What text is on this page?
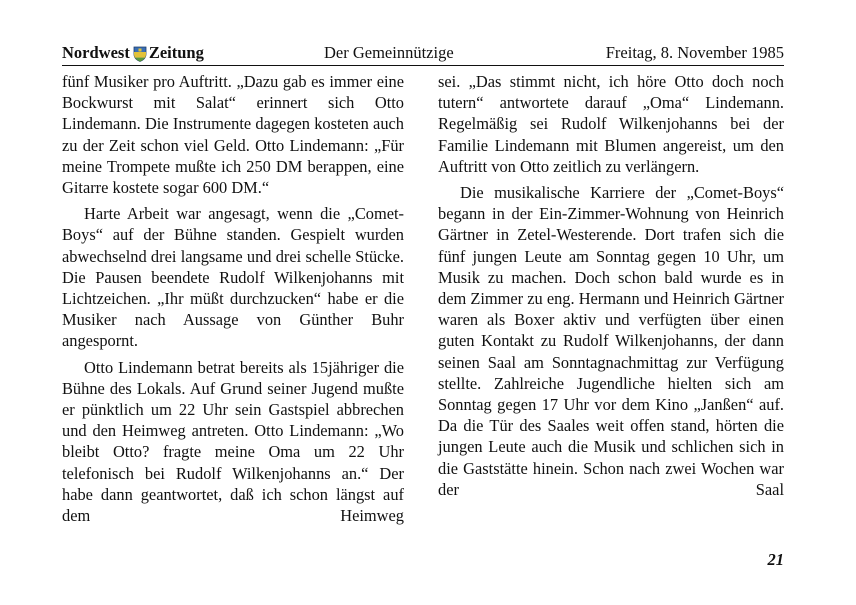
Nordwest Zeitung	Der Gemeinnützige	Freitag, 8. November 1985

fünf Musiker pro Auftritt. „Dazu gab es immer eine Bockwurst mit Salat“ erinnert sich Otto Lindemann. Die Instrumente dagegen kosteten auch zu der Zeit schon viel Geld. Otto Lindemann: „Für meine Trompete mußte ich 250 DM berappen, eine Gitarre kostete sogar 600 DM.“

Harte Arbeit war angesagt, wenn die „Comet-Boys“ auf der Bühne standen. Gespielt wurden abwechselnd drei langsame und drei schelle Stücke. Die Pausen beendete Rudolf Wilkenjohanns mit Lichtzeichen. „Ihr müßt durchzucken“ habe er die Musiker nach Aussage von Günther Buhr angespornt.

Otto Lindemann betrat bereits als 15jähriger die Bühne des Lokals. Auf Grund seiner Jugend mußte er pünktlich um 22 Uhr sein Gastspiel abbrechen und den Heimweg antreten. Otto Lindemann: „Wo bleibt Otto? fragte meine Oma um 22 Uhr telefonisch bei Rudolf Wilkenjohanns an.“ Der habe dann geantwortet, daß ich schon längst auf dem Heimweg

sei. „Das stimmt nicht, ich höre Otto doch noch tutern“ antwortete darauf „Oma“ Lindemann. Regelmäßig sei Rudolf Wilkenjohanns bei der Familie Lindemann mit Blumen angereist, um den Auftritt von Otto zeitlich zu verlängern.

Die musikalische Karriere der „Comet-Boys“ begann in der Ein-Zimmer-Wohnung von Heinrich Gärtner in Zetel-Westerende. Dort trafen sich die fünf jungen Leute am Sonntag gegen 10 Uhr, um Musik zu machen. Doch schon bald wurde es in dem Zimmer zu eng. Hermann und Heinrich Gärtner waren als Boxer aktiv und verfügten über einen guten Kontakt zu Rudolf Wilkenjohanns, der dann seinen Saal am Sonntagnachmittag zur Verfügung stellte. Zahlreiche Jugendliche hielten sich am Sonntag gegen 17 Uhr vor dem Kino „Janßen“ auf. Da die Tür des Saales weit offen stand, hörten die jungen Leute auch die Musik und schlichen sich in die Gaststätte hinein. Schon nach zwei Wochen war der Saal

21
